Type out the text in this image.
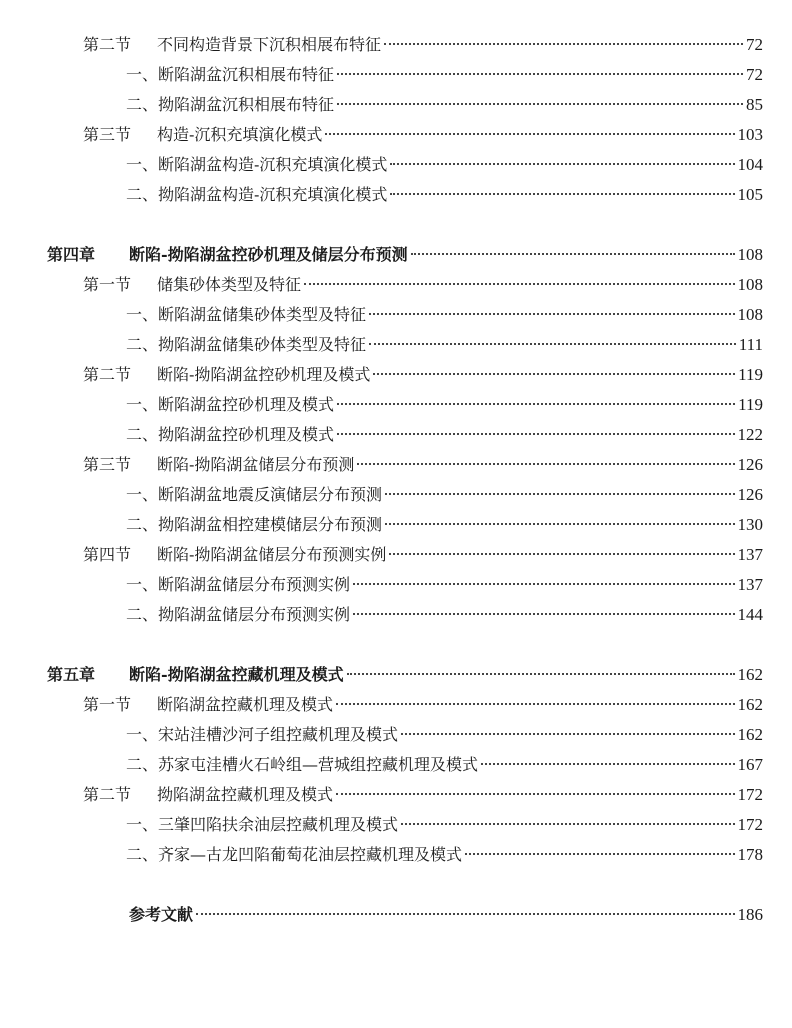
第二节	不同构造背景下沉积相展布特征	72
一、断陷湖盆沉积相展布特征	72
二、拗陷湖盆沉积相展布特征	85
第三节	构造-沉积充填演化模式	103
一、断陷湖盆构造-沉积充填演化模式	104
二、拗陷湖盆构造-沉积充填演化模式	105
第四章	断陷-拗陷湖盆控砂机理及储层分布预测	108
第一节	储集砂体类型及特征	108
一、断陷湖盆储集砂体类型及特征	108
二、拗陷湖盆储集砂体类型及特征	111
第二节	断陷-拗陷湖盆控砂机理及模式	119
一、断陷湖盆控砂机理及模式	119
二、拗陷湖盆控砂机理及模式	122
第三节	断陷-拗陷湖盆储层分布预测	126
一、断陷湖盆地震反演储层分布预测	126
二、拗陷湖盆相控建模储层分布预测	130
第四节	断陷-拗陷湖盆储层分布预测实例	137
一、断陷湖盆储层分布预测实例	137
二、拗陷湖盆储层分布预测实例	144
第五章	断陷-拗陷湖盆控藏机理及模式	162
第一节	断陷湖盆控藏机理及模式	162
一、宋站洼槽沙河子组控藏机理及模式	162
二、苏家屯洼槽火石岭组—营城组控藏机理及模式	167
第二节	拗陷湖盆控藏机理及模式	172
一、三肇凹陷扶余油层控藏机理及模式	172
二、齐家—古龙凹陷葡萄花油层控藏机理及模式	178
参考文献	186
